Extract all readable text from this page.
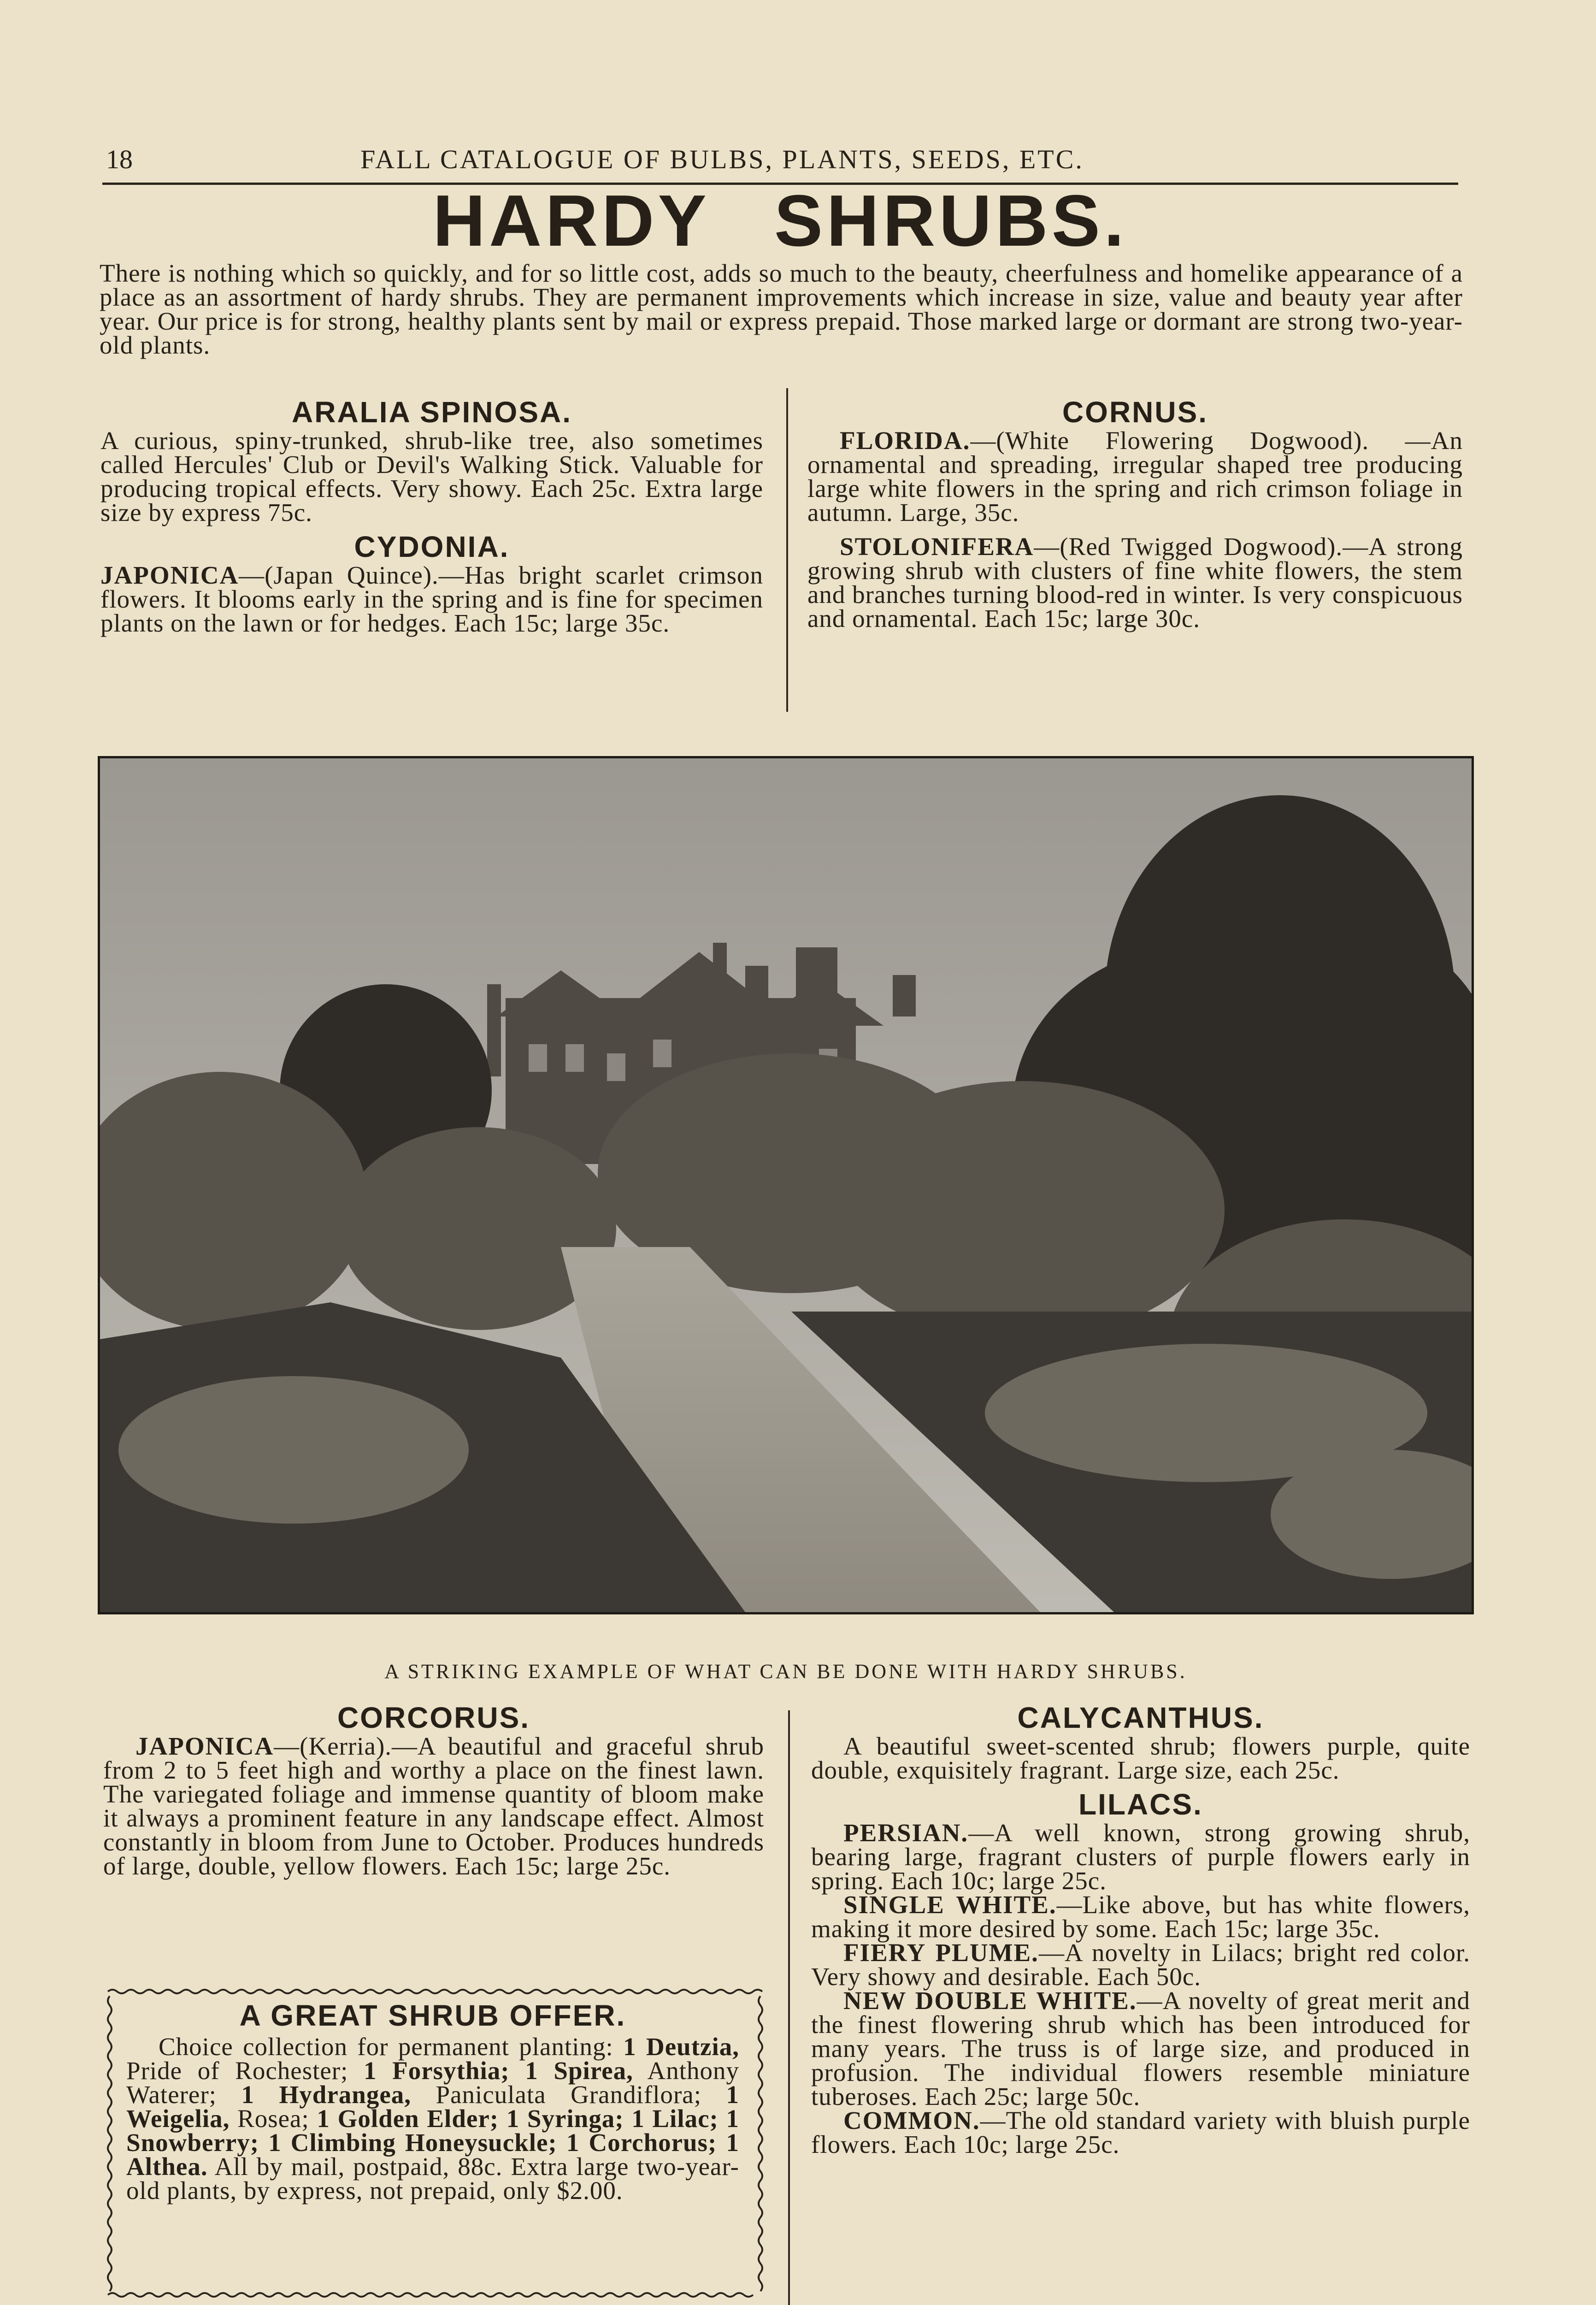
18	FALL CATALOGUE OF BULBS, PLANTS, SEEDS, ETC.
HARDY SHRUBS.

There is nothing which so quickly, and for so little cost, adds so much to the beauty, cheerfulness and homelike appearance of a place as an assortment of hardy shrubs. They are permanent improvements which increase in size, value and beauty year after year. Our price is for strong, healthy plants sent by mail or express prepaid. Those marked large or dormant are strong two-year-old plants.

ARALIA SPINOSA.

A curious, spiny-trunked, shrub-like tree, also sometimes called Hercules' Club or Devil's Walking Stick. Valuable for producing tropical effects. Very showy. Each 25c. Extra large size by express 75c.

CYDONIA.

JAPONICA—(Japan Quince).—Has bright scarlet crimson flowers. It blooms early in the spring and is fine for specimen plants on the lawn or for hedges. Each 15c; large 35c.

CORNUS.

FLORIDA.—(White Flowering Dogwood). —An ornamental and spreading, irregular shaped tree producing large white flowers in the spring and rich crimson foliage in autumn. Large, 35c.

STOLONIFERA—(Red Twigged Dogwood).—A strong growing shrub with clusters of fine white flowers, the stem and branches turning blood-red in winter. Is very conspicuous and ornamental. Each 15c; large 30c.

A STRIKING EXAMPLE OF WHAT CAN BE DONE WITH HARDY SHRUBS.

CORCORUS.

JAPONICA—(Kerria).—A beautiful and graceful shrub from 2 to 5 feet high and worthy a place on the finest lawn. The variegated foliage and immense quantity of bloom make it always a prominent feature in any landscape effect. Almost constantly in bloom from June to October. Produces hundreds of large, double, yellow flowers. Each 15c; large 25c.

A GREAT SHRUB OFFER.

Choice collection for permanent planting: 1 Deutzia, Pride of Rochester; 1 Forsythia; 1 Spirea, Anthony Waterer; 1 Hydrangea, Paniculata Grandiflora; 1 Weigelia, Rosea; 1 Golden Elder; 1 Syringa; 1 Lilac; 1 Snowberry; 1 Climbing Honeysuckle; 1 Corchorus; 1 Althea. All by mail, postpaid, 88c. Extra large two-year-old plants, by express, not prepaid, only $2.00.

CALYCANTHUS.

A beautiful sweet-scented shrub; flowers purple, quite double, exquisitely fragrant. Large size, each 25c.

LILACS.

PERSIAN.—A well known, strong growing shrub, bearing large, fragrant clusters of purple flowers early in spring. Each 10c; large 25c.

SINGLE WHITE.—Like above, but has white flowers, making it more desired by some. Each 15c; large 35c.

FIERY PLUME.—A novelty in Lilacs; bright red color. Very showy and desirable. Each 50c.

NEW DOUBLE WHITE.—A novelty of great merit and the finest flowering shrub which has been introduced for many years. The truss is of large size, and produced in profusion. The individual flowers resemble miniature tuberoses. Each 25c; large 50c.

COMMON.—The old standard variety with bluish purple flowers. Each 10c; large 25c.
